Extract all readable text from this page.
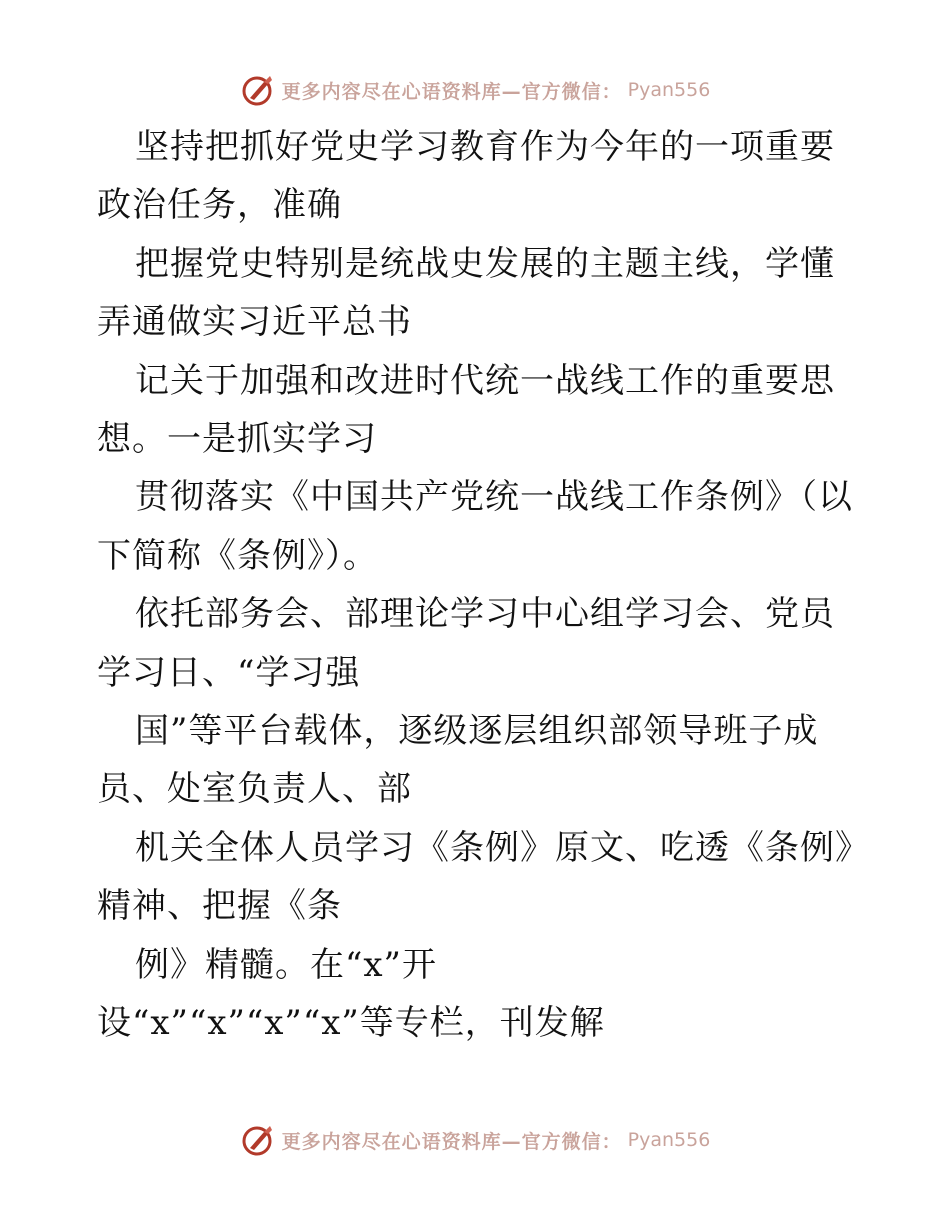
更多内容尽在心语资料库—官方微信： Pyan556

坚持把抓好党史学习教育作为今年的一项重要政治任务，准确

把握党史特别是统战史发展的主题主线，学懂弄通做实习近平总书

记关于加强和改进时代统一战线工作的重要思想。一是抓实学习

贯彻落实《中国共产党统一战线工作条例》（以下简称《条例》）。

依托部务会、部理论学习中心组学习会、党员学习日、“学习强

国”等平台载体，逐级逐层组织部领导班子成员、处室负责人、部

机关全体人员学习《条例》原文、吃透《条例》精神、把握《条

例》精髓。在“x”开

设“x”“x”“x”“x”等专栏，刊发解

更多内容尽在心语资料库—官方微信： Pyan556
